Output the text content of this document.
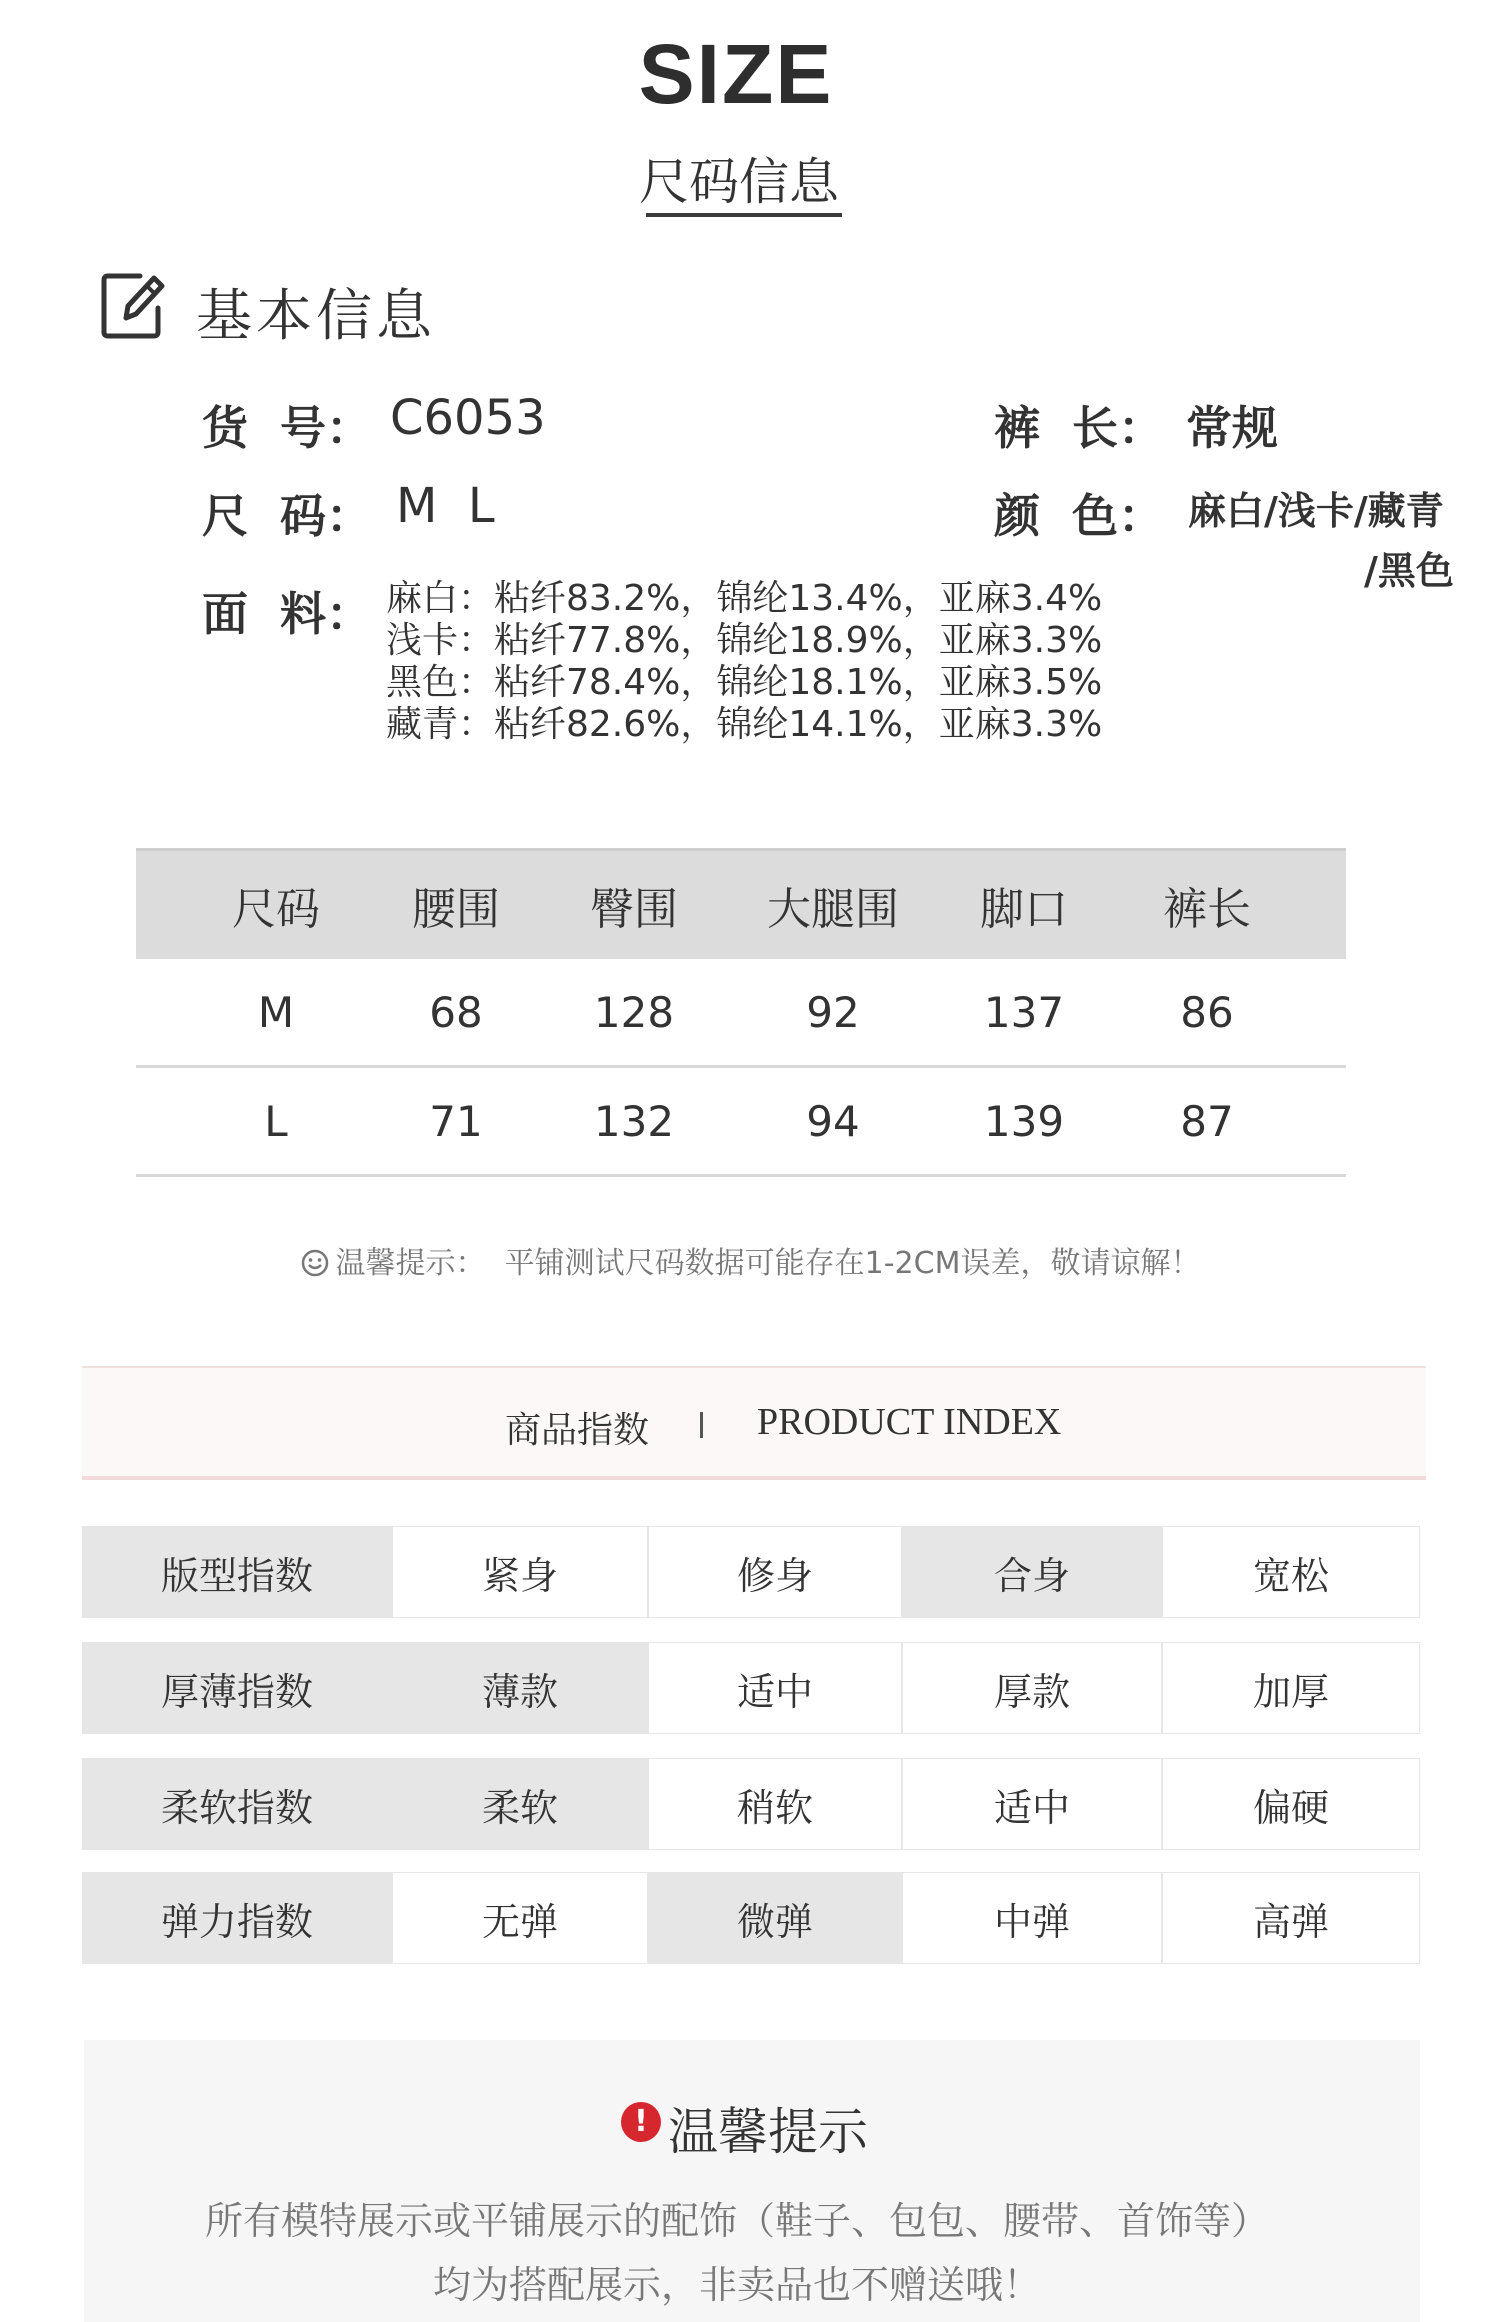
SIZE
尺码信息
基本信息
货  号： C6053
尺  码： M  L
裤  长： 常规
颜  色： 麻白/浅卡/藏青
/黑色
面  料： 麻白：粘纤83.2%，锦纶13.4%，亚麻3.4%
浅卡：粘纤77.8%，锦纶18.9%，亚麻3.3%
黑色：粘纤78.4%，锦纶18.1%，亚麻3.5%
藏青：粘纤82.6%，锦纶14.1%，亚麻3.3%
尺码 腰围 臀围 大腿围 脚口 裤长
M	68	128	92	137	86
L	71	132	94	139	87
温馨提示：  平铺测试尺码数据可能存在1-2CM误差，敬请谅解！
商品指数	PRODUCT INDEX
版型指数	紧身	修身	合身	宽松
厚薄指数	薄款	适中	厚款	加厚
柔软指数	柔软	稍软	适中	偏硬
弹力指数	无弹	微弹	中弹	高弹
! 温馨提示
所有模特展示或平铺展示的配饰（鞋子、包包、腰带、首饰等）
均为搭配展示，非卖品也不赠送哦！
